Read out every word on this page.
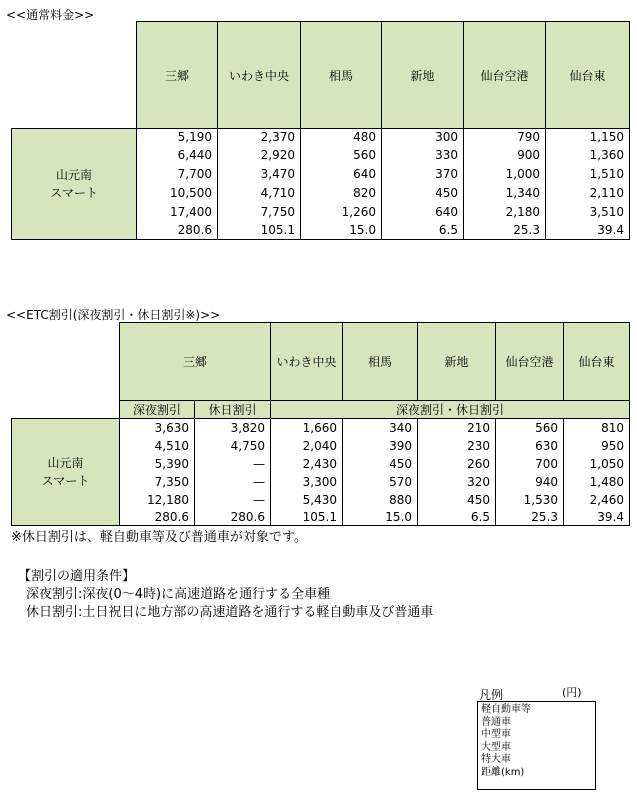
<<通常料金>>
	三郷	いわき中央	相馬	新地	仙台空港	仙台東

山元南
スマート	5,190	2,370	480	300	790	1,150
	6,440	2,920	560	330	900	1,360
	7,700	3,470	640	370	1,000	1,510
	10,500	4,710	820	450	1,340	2,110
	17,400	7,750	1,260	640	2,180	3,510
	280.6	105.1	15.0	6.5	25.3	39.4
<<ETC割引(深夜割引・休日割引※)>>
	三郷		いわき中央	相馬	新地	仙台空港	仙台東
	深夜割引	休日割引	深夜割引・休日割引				

山元南
スマート	3,630	3,820	1,660	340	210	560	810
	4,510	4,750	2,040	390	230	630	950
	5,390	—	2,430	450	260	700	1,050
	7,350	—	3,300	570	320	940	1,480
	12,180	—	5,430	880	450	1,530	2,460
	280.6	280.6	105.1	15.0	6.5	25.3	39.4
※休日割引は、軽自動車等及び普通車が対象です。
【割引の適用条件】
深夜割引:深夜(0～4時)に高速道路を通行する全車種
休日割引:土日祝日に地方部の高速道路を通行する軽自動車及び普通車
凡例	(円)
軽自動車等
普通車
中型車
大型車
特大車
距離(km)
